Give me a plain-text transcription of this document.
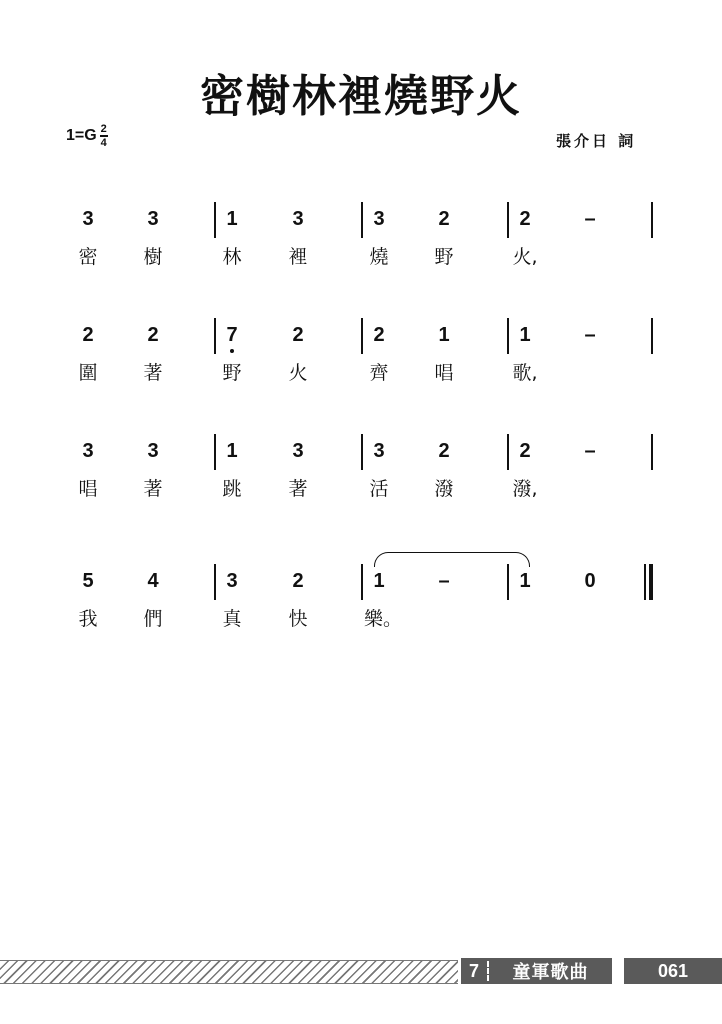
密樹林裡燒野火
1=G 2
4	張介日 詞
3	3	1	3	3	2	2	–
密 樹	林 裡	燒 野	火,
2	2	7	2	2	1	1	–
圍 著	野 火	齊 唱	歌,
3	3	1	3	3	2	2	–
唱 著	跳 著	活 潑	潑,
5	4	3	2	1	–	1	0
我 們	真 快	樂。
7	童軍歌曲	061
